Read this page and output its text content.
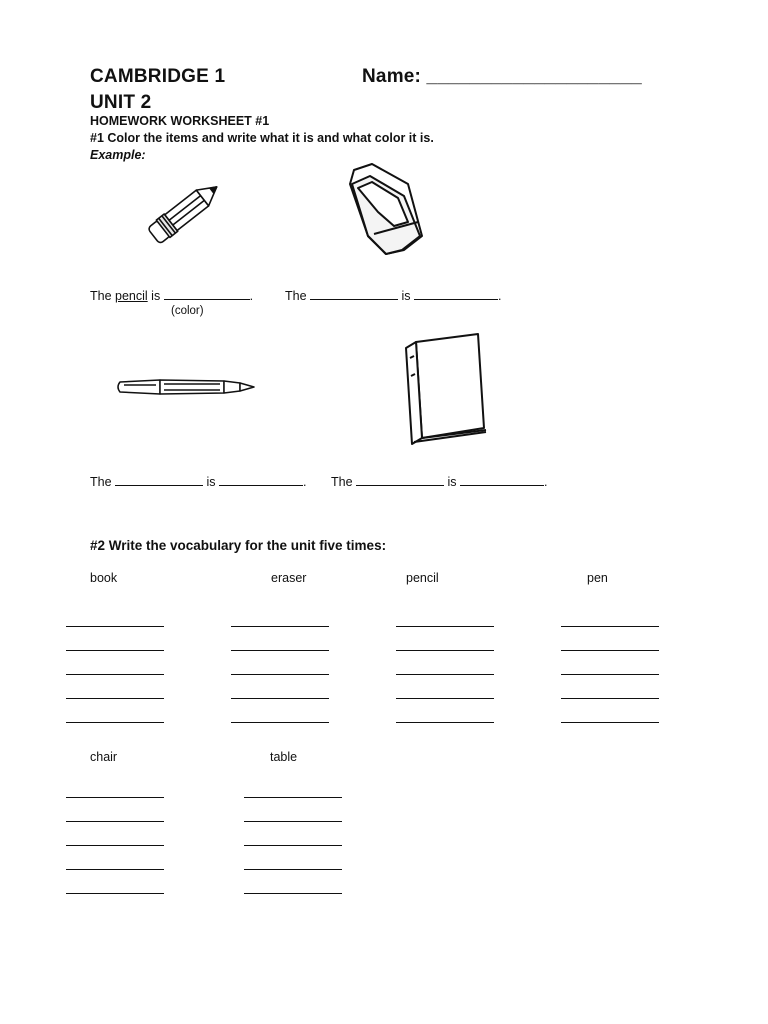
CAMBRIDGE 1	Name: ____________________
UNIT 2
HOMEWORK WORKSHEET #1
#1 Color the items and write what it is and what color it is.
Example:
The pencil is	.
(color)
The	is	.
The	is	. The	is	.
#2 Write the vocabulary for the unit five times:
book	eraser	pencil	pen
chair	table
